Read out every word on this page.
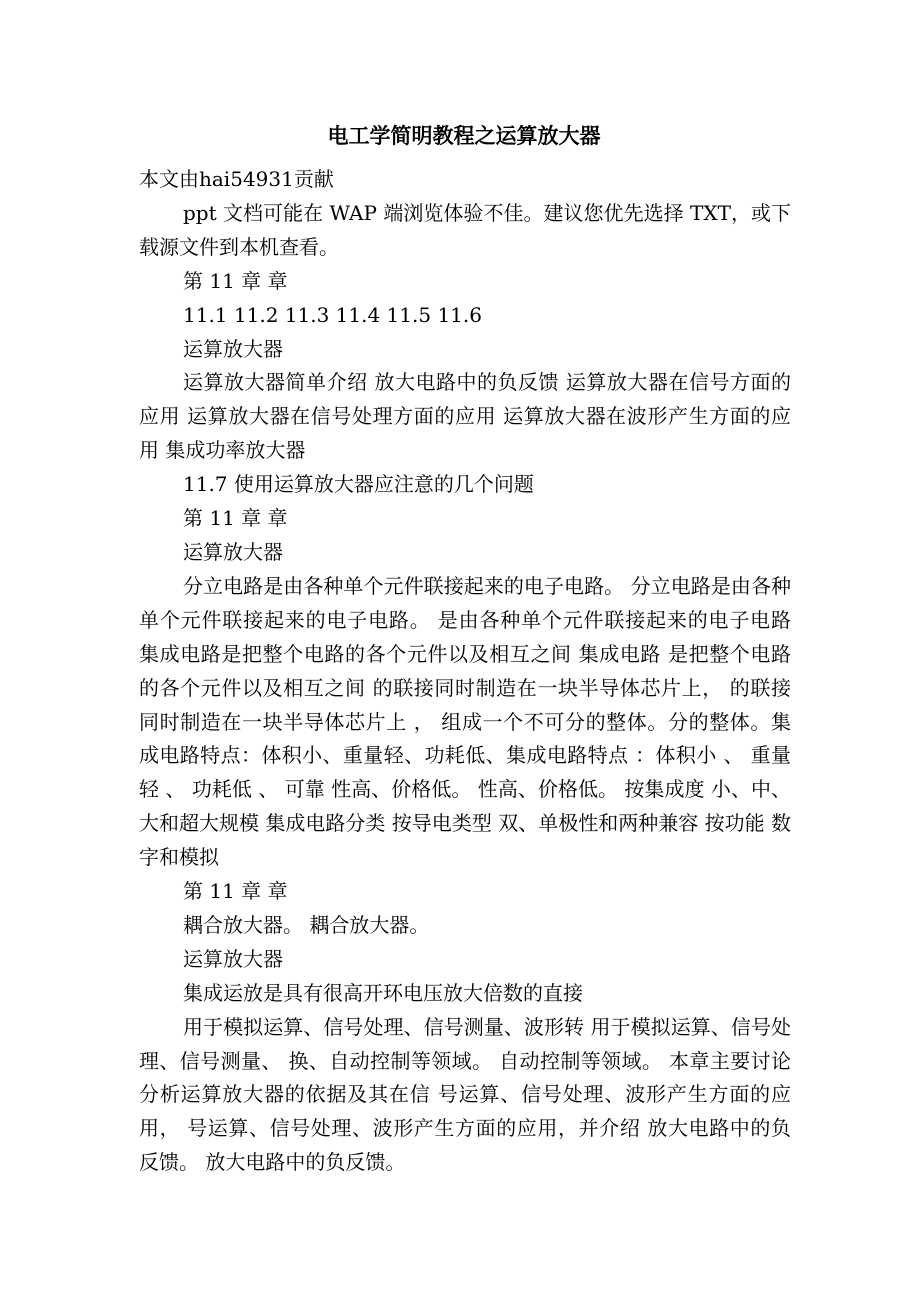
电工学简明教程之运算放大器

本文由hai54931贡献

ppt 文档可能在 WAP 端浏览体验不佳。建议您优先选择 TXT，或下载源文件到本机查看。

第 11 章 章

11.1 11.2 11.3 11.4 11.5 11.6

运算放大器

运算放大器简单介绍 放大电路中的负反馈 运算放大器在信号方面的应用 运算放大器在信号处理方面的应用 运算放大器在波形产生方面的应用 集成功率放大器

11.7 使用运算放大器应注意的几个问题

第 11 章 章

运算放大器

分立电路是由各种单个元件联接起来的电子电路。 分立电路是由各种单个元件联接起来的电子电路。 是由各种单个元件联接起来的电子电路 集成电路是把整个电路的各个元件以及相互之间 集成电路 是把整个电路的各个元件以及相互之间 的联接同时制造在一块半导体芯片上， 的联接同时制造在一块半导体芯片上 ， 组成一个不可分的整体。分的整体。集成电路特点：体积小、重量轻、功耗低、集成电路特点 ：体积小 、 重量轻 、 功耗低 、 可靠 性高、价格低。 性高、价格低。 按集成度 小、中、大和超大规模 集成电路分类 按导电类型 双、单极性和两种兼容 按功能 数字和模拟

第 11 章 章

耦合放大器。 耦合放大器。

运算放大器

集成运放是具有很高开环电压放大倍数的直接

用于模拟运算、信号处理、信号测量、波形转 用于模拟运算、信号处理、信号测量、 换、自动控制等领域。 自动控制等领域。 本章主要讨论分析运算放大器的依据及其在信 号运算、信号处理、波形产生方面的应用， 号运算、信号处理、波形产生方面的应用，并介绍 放大电路中的负反馈。 放大电路中的负反馈。
